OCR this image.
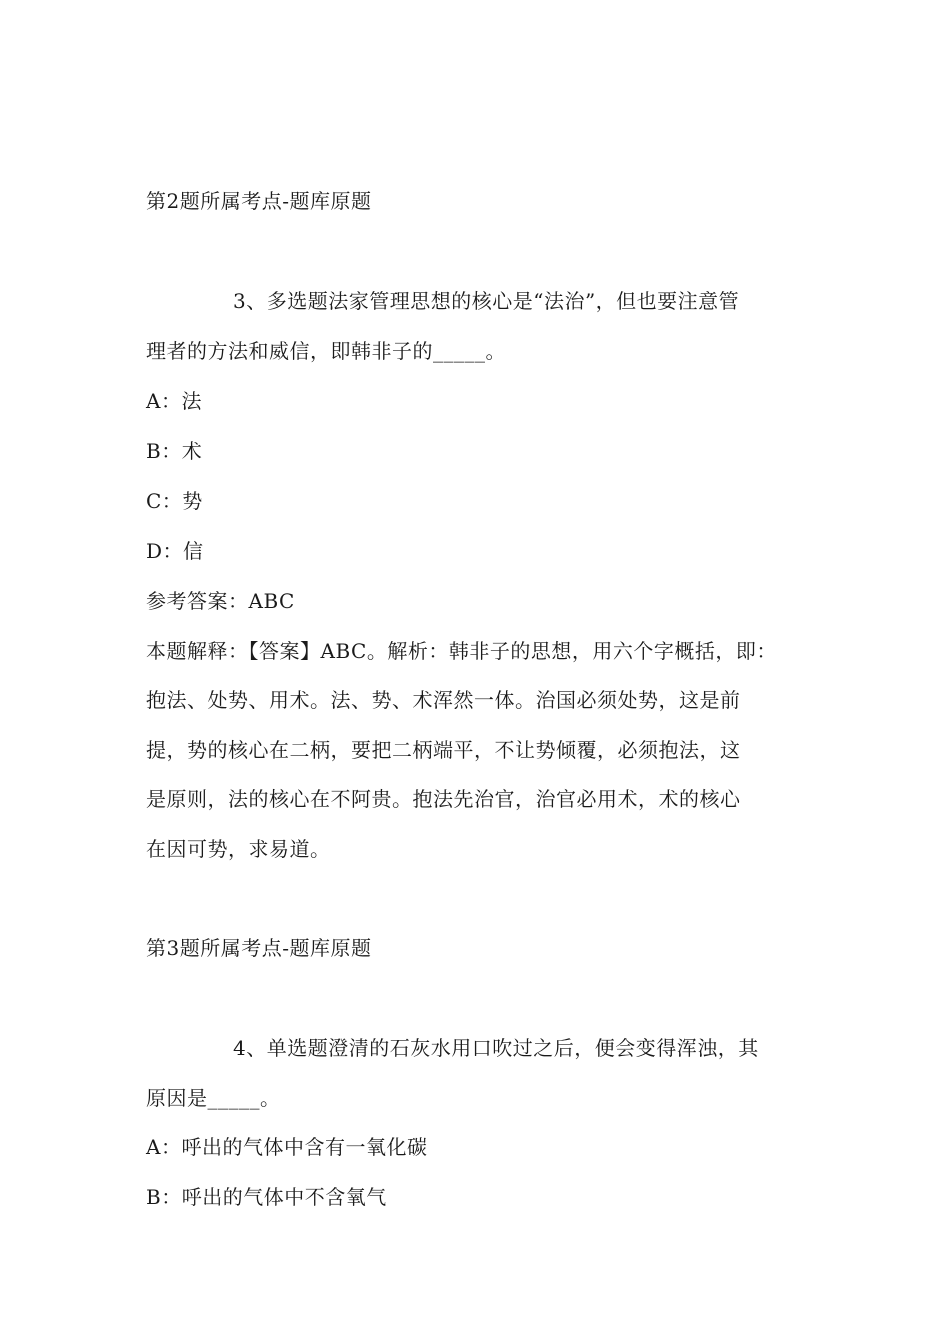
第2题所属考点-题库原题
3、多选题法家管理思想的核心是“法治”，但也要注意管
理者的方法和威信，即韩非子的_____。
A：法
B：术
C：势
D：信
参考答案：ABC
本题解释：【答案】ABC。解析：韩非子的思想，用六个字概括，即：
抱法、处势、用术。法、势、术浑然一体。治国必须处势，这是前
提，势的核心在二柄，要把二柄端平，不让势倾覆，必须抱法，这
是原则，法的核心在不阿贵。抱法先治官，治官必用术，术的核心
在因可势，求易道。
第3题所属考点-题库原题
4、单选题澄清的石灰水用口吹过之后，便会变得浑浊，其
原因是_____。
A：呼出的气体中含有一氧化碳
B：呼出的气体中不含氧气
